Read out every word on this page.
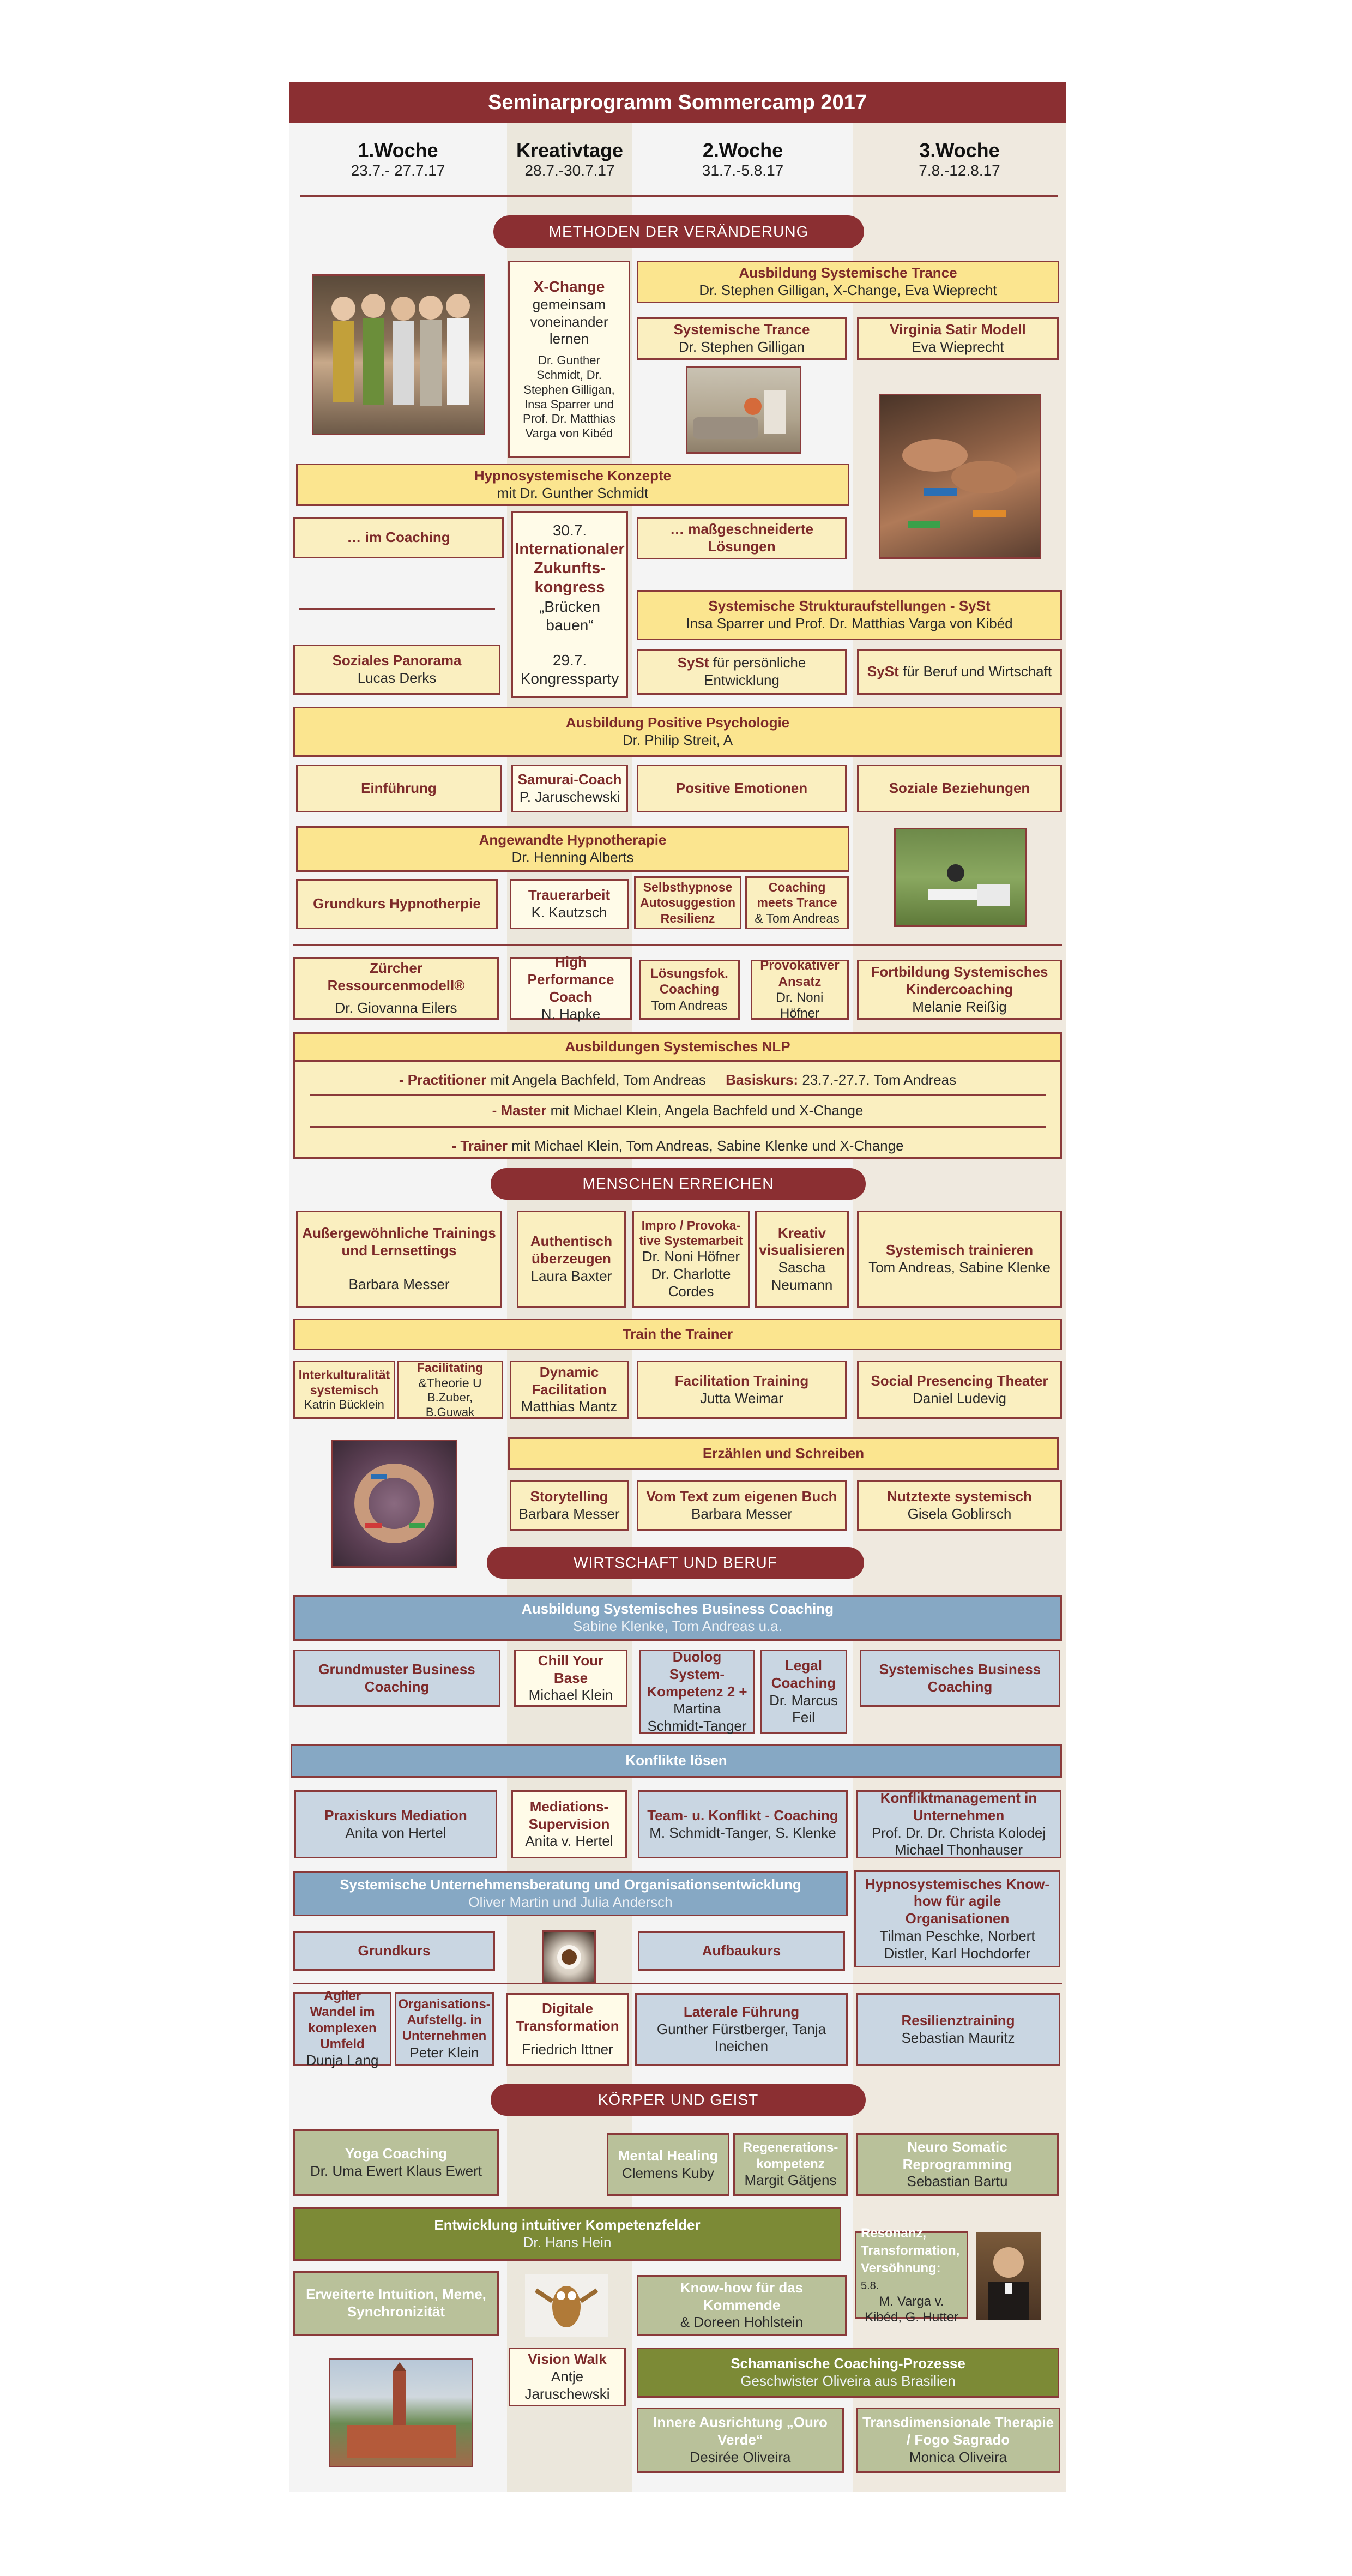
Seminarprogramm Sommercamp 2017
1.Woche
23.7.- 27.7.17
Kreativtage
28.7.-30.7.17
2.Woche
31.7.-5.8.17
3.Woche
7.8.-12.8.17
METHODEN DER VERÄNDERUNG
X-Change
gemeinsam voneinander lernen
Dr. Gunther Schmidt, Dr. Stephen Gilligan, Insa Sparrer und Prof. Dr. Matthias Varga von Kibéd
Ausbildung Systemische Trance
Dr. Stephen Gilligan, X-Change, Eva Wieprecht
Systemische Trance
Dr. Stephen Gilligan
Virginia Satir Modell
Eva Wieprecht
Hypnosystemische Konzepte
mit Dr. Gunther Schmidt
… im Coaching	30.7.
Internationaler Zukunfts-kongress
„Brücken bauen“
29.7.
Kongressparty
… maßgeschneiderte Lösungen
Systemische Strukturaufstellungen - SySt
Insa Sparrer und Prof. Dr. Matthias Varga von Kibéd
Soziales Panorama
Lucas Derks
SySt für persönliche Entwicklung
SySt für Beruf und Wirtschaft
Ausbildung Positive Psychologie
Dr. Philip Streit, A
Einführung
Samurai-Coach
P. Jaruschewski
Positive Emotionen	Soziale Beziehungen
Angewandte Hypnotherapie
Dr. Henning Alberts
Grundkurs Hypnotherpie
Trauerarbeit
K. Kautzsch
Selbsthypnose Autosuggestion Resilienz
Coaching meets Trance
& Tom Andreas
Zürcher Ressourcenmodell®
Dr. Giovanna Eilers
High Performance Coach
N. Hapke
Lösungsfok. Coaching
Tom Andreas
Provokativer Ansatz
Dr. Noni Höfner
Fortbildung Systemisches Kindercoaching
Melanie Reißig
Ausbildungen Systemisches NLP
- Practitioner mit Angela Bachfeld, Tom Andreas Basiskurs: 23.7.-27.7. Tom Andreas
- Master mit Michael Klein, Angela Bachfeld und X-Change
- Trainer mit Michael Klein, Tom Andreas, Sabine Klenke und X-Change
MENSCHEN ERREICHEN
Außergewöhnliche Trainings und Lernsettings
Barbara Messer
Authentisch überzeugen
Laura Baxter
Impro / Provoka-tive Systemarbeit
Dr. Noni Höfner Dr. Charlotte Cordes
Kreativ visualisieren
Sascha Neumann
Systemisch trainieren
Tom Andreas, Sabine Klenke
Train the Trainer
Interkulturalität systemisch
Katrin Bücklein
Facilitating
&Theorie U
B.Zuber, B.Guwak
Dynamic Facilitation
Matthias Mantz
Facilitation Training
Jutta Weimar
Social Presencing Theater
Daniel Ludevig
Erzählen und Schreiben
Storytelling
Barbara Messer
Vom Text zum eigenen Buch
Barbara Messer
Nutztexte systemisch
Gisela Goblirsch
WIRTSCHAFT UND BERUF
Ausbildung Systemisches Business Coaching
Sabine Klenke, Tom Andreas u.a.
Grundmuster Business Coaching
Chill Your Base
Michael Klein
Duolog System-Kompetenz 2 +
Martina Schmidt-Tanger
Legal Coaching
Dr. Marcus Feil
Systemisches Business Coaching
Konflikte lösen
Praxiskurs Mediation
Anita von Hertel
Mediations-Supervision
Anita v. Hertel
Team- u. Konflikt - Coaching
M. Schmidt-Tanger, S. Klenke
Konfliktmanagement in Unternehmen
Prof. Dr. Dr. Christa Kolodej Michael Thonhauser
Systemische Unternehmensberatung und Organisationsentwicklung
Oliver Martin und Julia Andersch
Hypnosystemisches Know-how für agile Organisationen
Tilman Peschke, Norbert Distler, Karl Hochdorfer
Grundkurs	Aufbaukurs
Agiler Wandel im komplexen Umfeld
Dunja Lang
Organisations-Aufstellg. in Unternehmen
Peter Klein
Digitale Transformation
Friedrich Ittner
Laterale Führung
Gunther Fürstberger, Tanja Ineichen
Resilienztraining
Sebastian Mauritz
KÖRPER UND GEIST
Yoga Coaching
Dr. Uma Ewert Klaus Ewert
Mental Healing
Clemens Kuby
Regenerations-kompetenz
Margit Gätjens
Neuro Somatic Reprogramming
Sebastian Bartu
Entwicklung intuitiver Kompetenzfelder
Dr. Hans Hein
Resonanz, Transformation, Versöhnung: 5.8.
M. Varga v. Kibéd, G. Hutter
Erweiterte Intuition, Meme, Synchronizität
Know-how für das Kommende
& Doreen Hohlstein
Vision Walk
Antje Jaruschewski
Schamanische Coaching-Prozesse
Geschwister Oliveira aus Brasilien
Innere Ausrichtung „Ouro Verde“
Desirée Oliveira
Transdimensionale Therapie / Fogo Sagrado
Monica Oliveira
